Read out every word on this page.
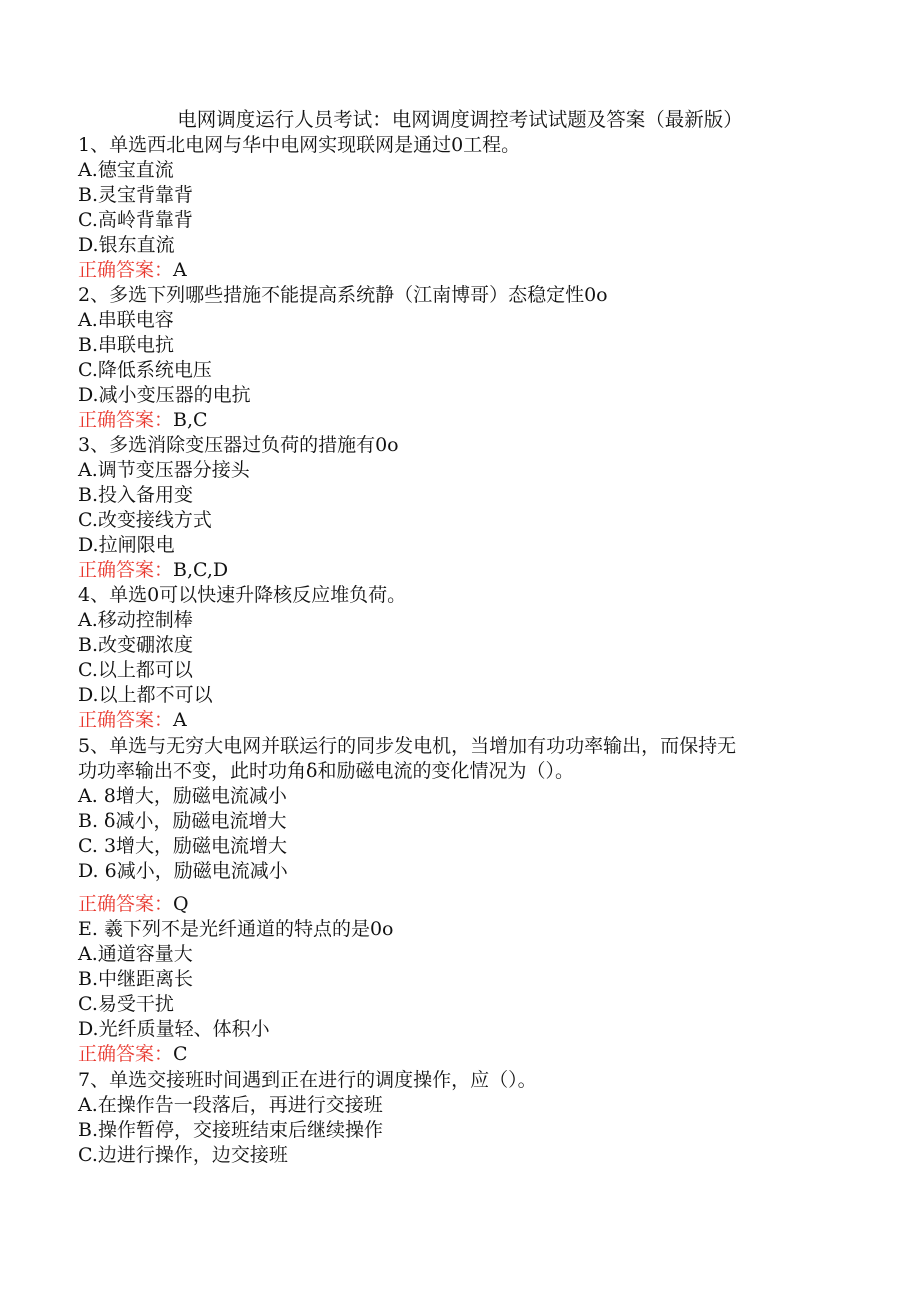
电网调度运行人员考试：电网调度调控考试试题及答案（最新版）
1、单选西北电网与华中电网实现联网是通过0工程。
A.德宝直流
B.灵宝背靠背
C.高岭背靠背
D.银东直流
正确答案：A
2、多选下列哪些措施不能提高系统静（江南博哥）态稳定性0o
A.串联电容
B.串联电抗
C.降低系统电压
D.减小变压器的电抗
正确答案：B,C
3、多选消除变压器过负荷的措施有0o
A.调节变压器分接头
B.投入备用变
C.改变接线方式
D.拉闸限电
正确答案：B,C,D
4、单选0可以快速升降核反应堆负荷。
A.移动控制棒
B.改变硼浓度
C.以上都可以
D.以上都不可以
正确答案：A
5、单选与无穷大电网并联运行的同步发电机，当增加有功功率输出，而保持无
功功率输出不变，此时功角δ和励磁电流的变化情况为（）。
A. 8增大，励磁电流减小
B. δ减小，励磁电流增大
C. 3增大，励磁电流增大
D. 6减小，励磁电流减小
正确答案：Q
E. 羲下列不是光纤通道的特点的是0o
A.通道容量大
B.中继距离长
C.易受干扰
D.光纤质量轻、体积小
正确答案：C
7、单选交接班时间遇到正在进行的调度操作，应（）。
A.在操作告一段落后，再进行交接班
B.操作暂停，交接班结束后继续操作
C.边进行操作，边交接班
